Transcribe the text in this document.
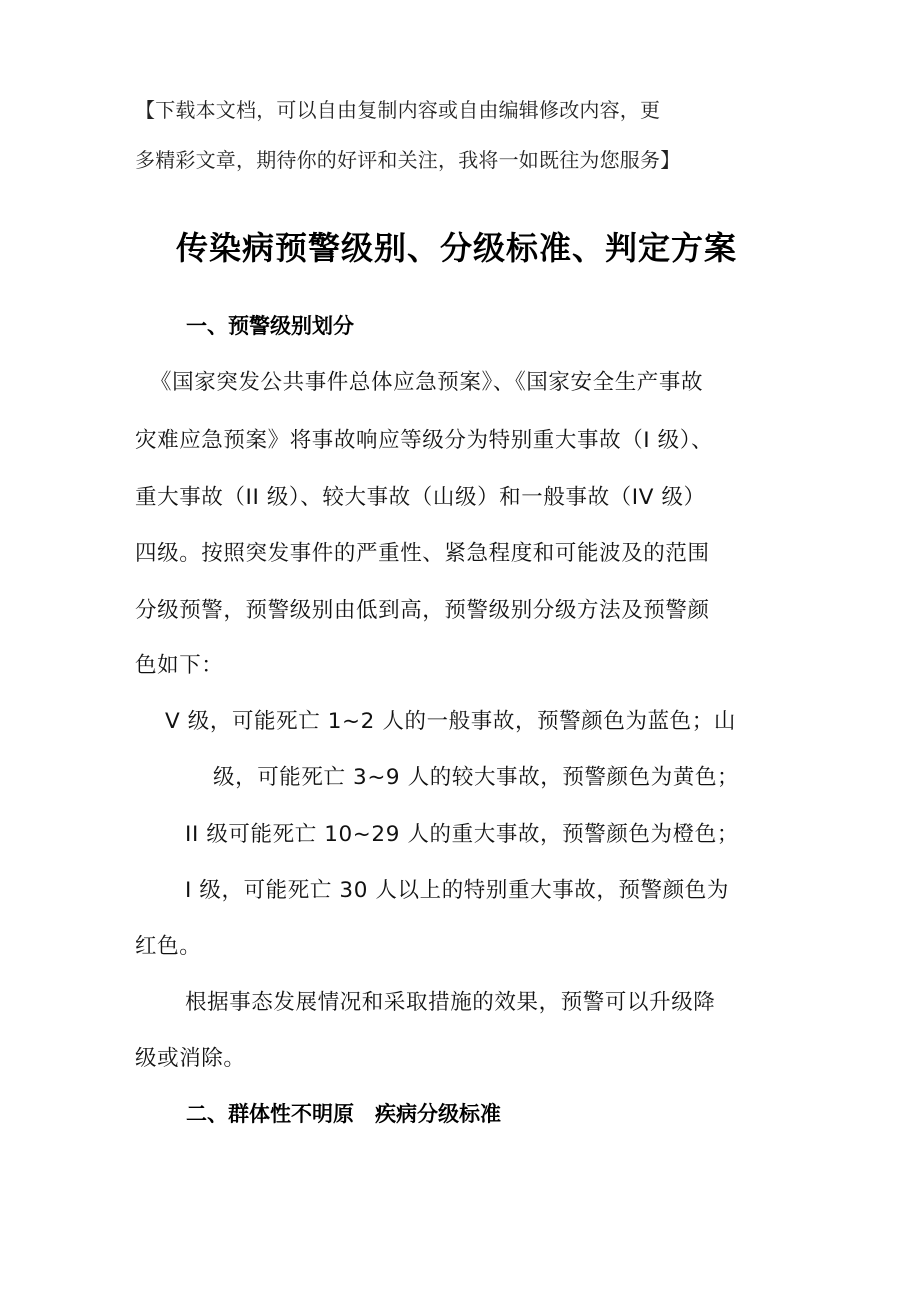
【下载本文档，可以自由复制内容或自由编辑修改内容，更
多精彩文章，期待你的好评和关注，我将一如既往为您服务】
传染病预警级别、分级标准、判定方案
一、预警级别划分
《国家突发公共事件总体应急预案》、《国家安全生产事故
灾难应急预案》将事故响应等级分为特别重大事故（I 级）、
重大事故（II 级）、较大事故（山级）和一般事故（IV 级）
四级。按照突发事件的严重性、紧急程度和可能波及的范围
分级预警，预警级别由低到高，预警级别分级方法及预警颜
色如下：
V 级，可能死亡 1~2 人的一般事故，预警颜色为蓝色；山
级，可能死亡 3~9 人的较大事故，预警颜色为黄色；
II 级可能死亡 10~29 人的重大事故，预警颜色为橙色；
I 级，可能死亡 30 人以上的特别重大事故，预警颜色为
红色。
根据事态发展情况和采取措施的效果，预警可以升级降
级或消除。
二、群体性不明原　疾病分级标准
